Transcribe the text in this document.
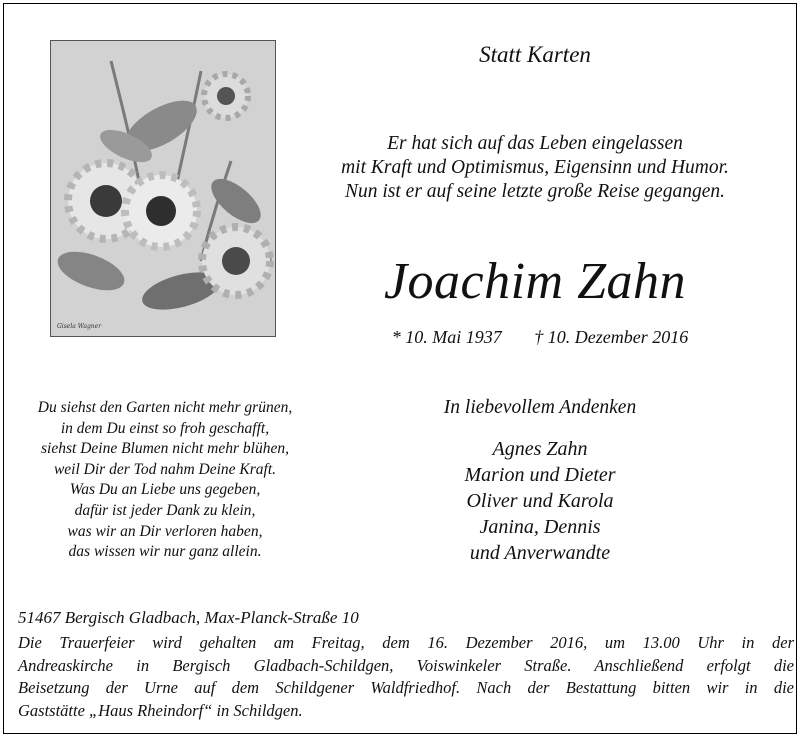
Gisela Wagner
Statt Karten
Er hat sich auf das Leben eingelassen
mit Kraft und Optimismus, Eigensinn und Humor.
Nun ist er auf seine letzte große Reise gegangen.
Joachim Zahn
* 10. Mai 1937 † 10. Dezember 2016
Du siehst den Garten nicht mehr grünen,
in dem Du einst so froh geschafft,
siehst Deine Blumen nicht mehr blühen,
weil Dir der Tod nahm Deine Kraft.
Was Du an Liebe uns gegeben,
dafür ist jeder Dank zu klein,
was wir an Dir verloren haben,
das wissen wir nur ganz allein.
In liebevollem Andenken
Agnes Zahn
Marion und Dieter
Oliver und Karola
Janina, Dennis
und Anverwandte
51467 Bergisch Gladbach, Max-Planck-Straße 10
Die Trauerfeier wird gehalten am Freitag, dem 16. Dezember 2016, um 13.00 Uhr in der
Andreaskirche in Bergisch Gladbach-Schildgen, Voiswinkeler Straße. Anschließend erfolgt die
Beisetzung der Urne auf dem Schildgener Waldfriedhof. Nach der Bestattung bitten wir in die
Gaststätte „Haus Rheindorf“ in Schildgen.
